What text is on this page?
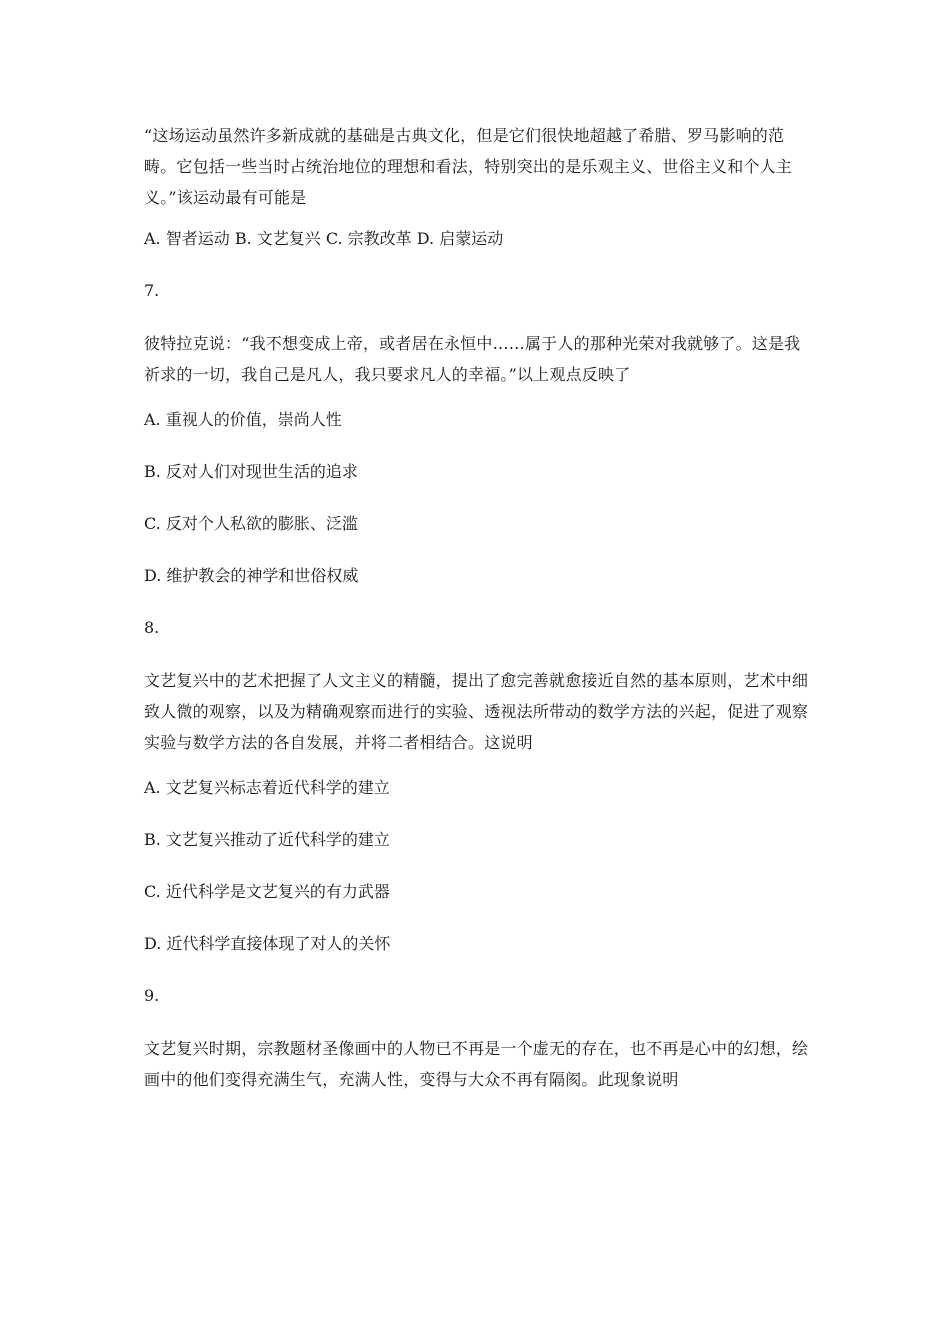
“这场运动虽然许多新成就的基础是古典文化，但是它们很快地超越了希腊、罗马影响的范畴。它包括一些当时占统治地位的理想和看法，特别突出的是乐观主义、世俗主义和个人主义。”该运动最有可能是

A. 智者运动 B. 文艺复兴 C. 宗教改革 D. 启蒙运动

7.

彼特拉克说：“我不想变成上帝，或者居在永恒中……属于人的那种光荣对我就够了。这是我祈求的一切，我自己是凡人，我只要求凡人的幸福。”以上观点反映了

A. 重视人的价值，崇尚人性

B. 反对人们对现世生活的追求

C. 反对个人私欲的膨胀、泛滥

D. 维护教会的神学和世俗权威

8.

文艺复兴中的艺术把握了人文主义的精髓，提出了愈完善就愈接近自然的基本原则，艺术中细致人微的观察，以及为精确观察而进行的实验、透视法所带动的数学方法的兴起，促进了观察实验与数学方法的各自发展，并将二者相结合。这说明

A. 文艺复兴标志着近代科学的建立

B. 文艺复兴推动了近代科学的建立

C. 近代科学是文艺复兴的有力武器

D. 近代科学直接体现了对人的关怀

9.

文艺复兴时期，宗教题材圣像画中的人物已不再是一个虚无的存在，也不再是心中的幻想，绘画中的他们变得充满生气，充满人性，变得与大众不再有隔阂。此现象说明
